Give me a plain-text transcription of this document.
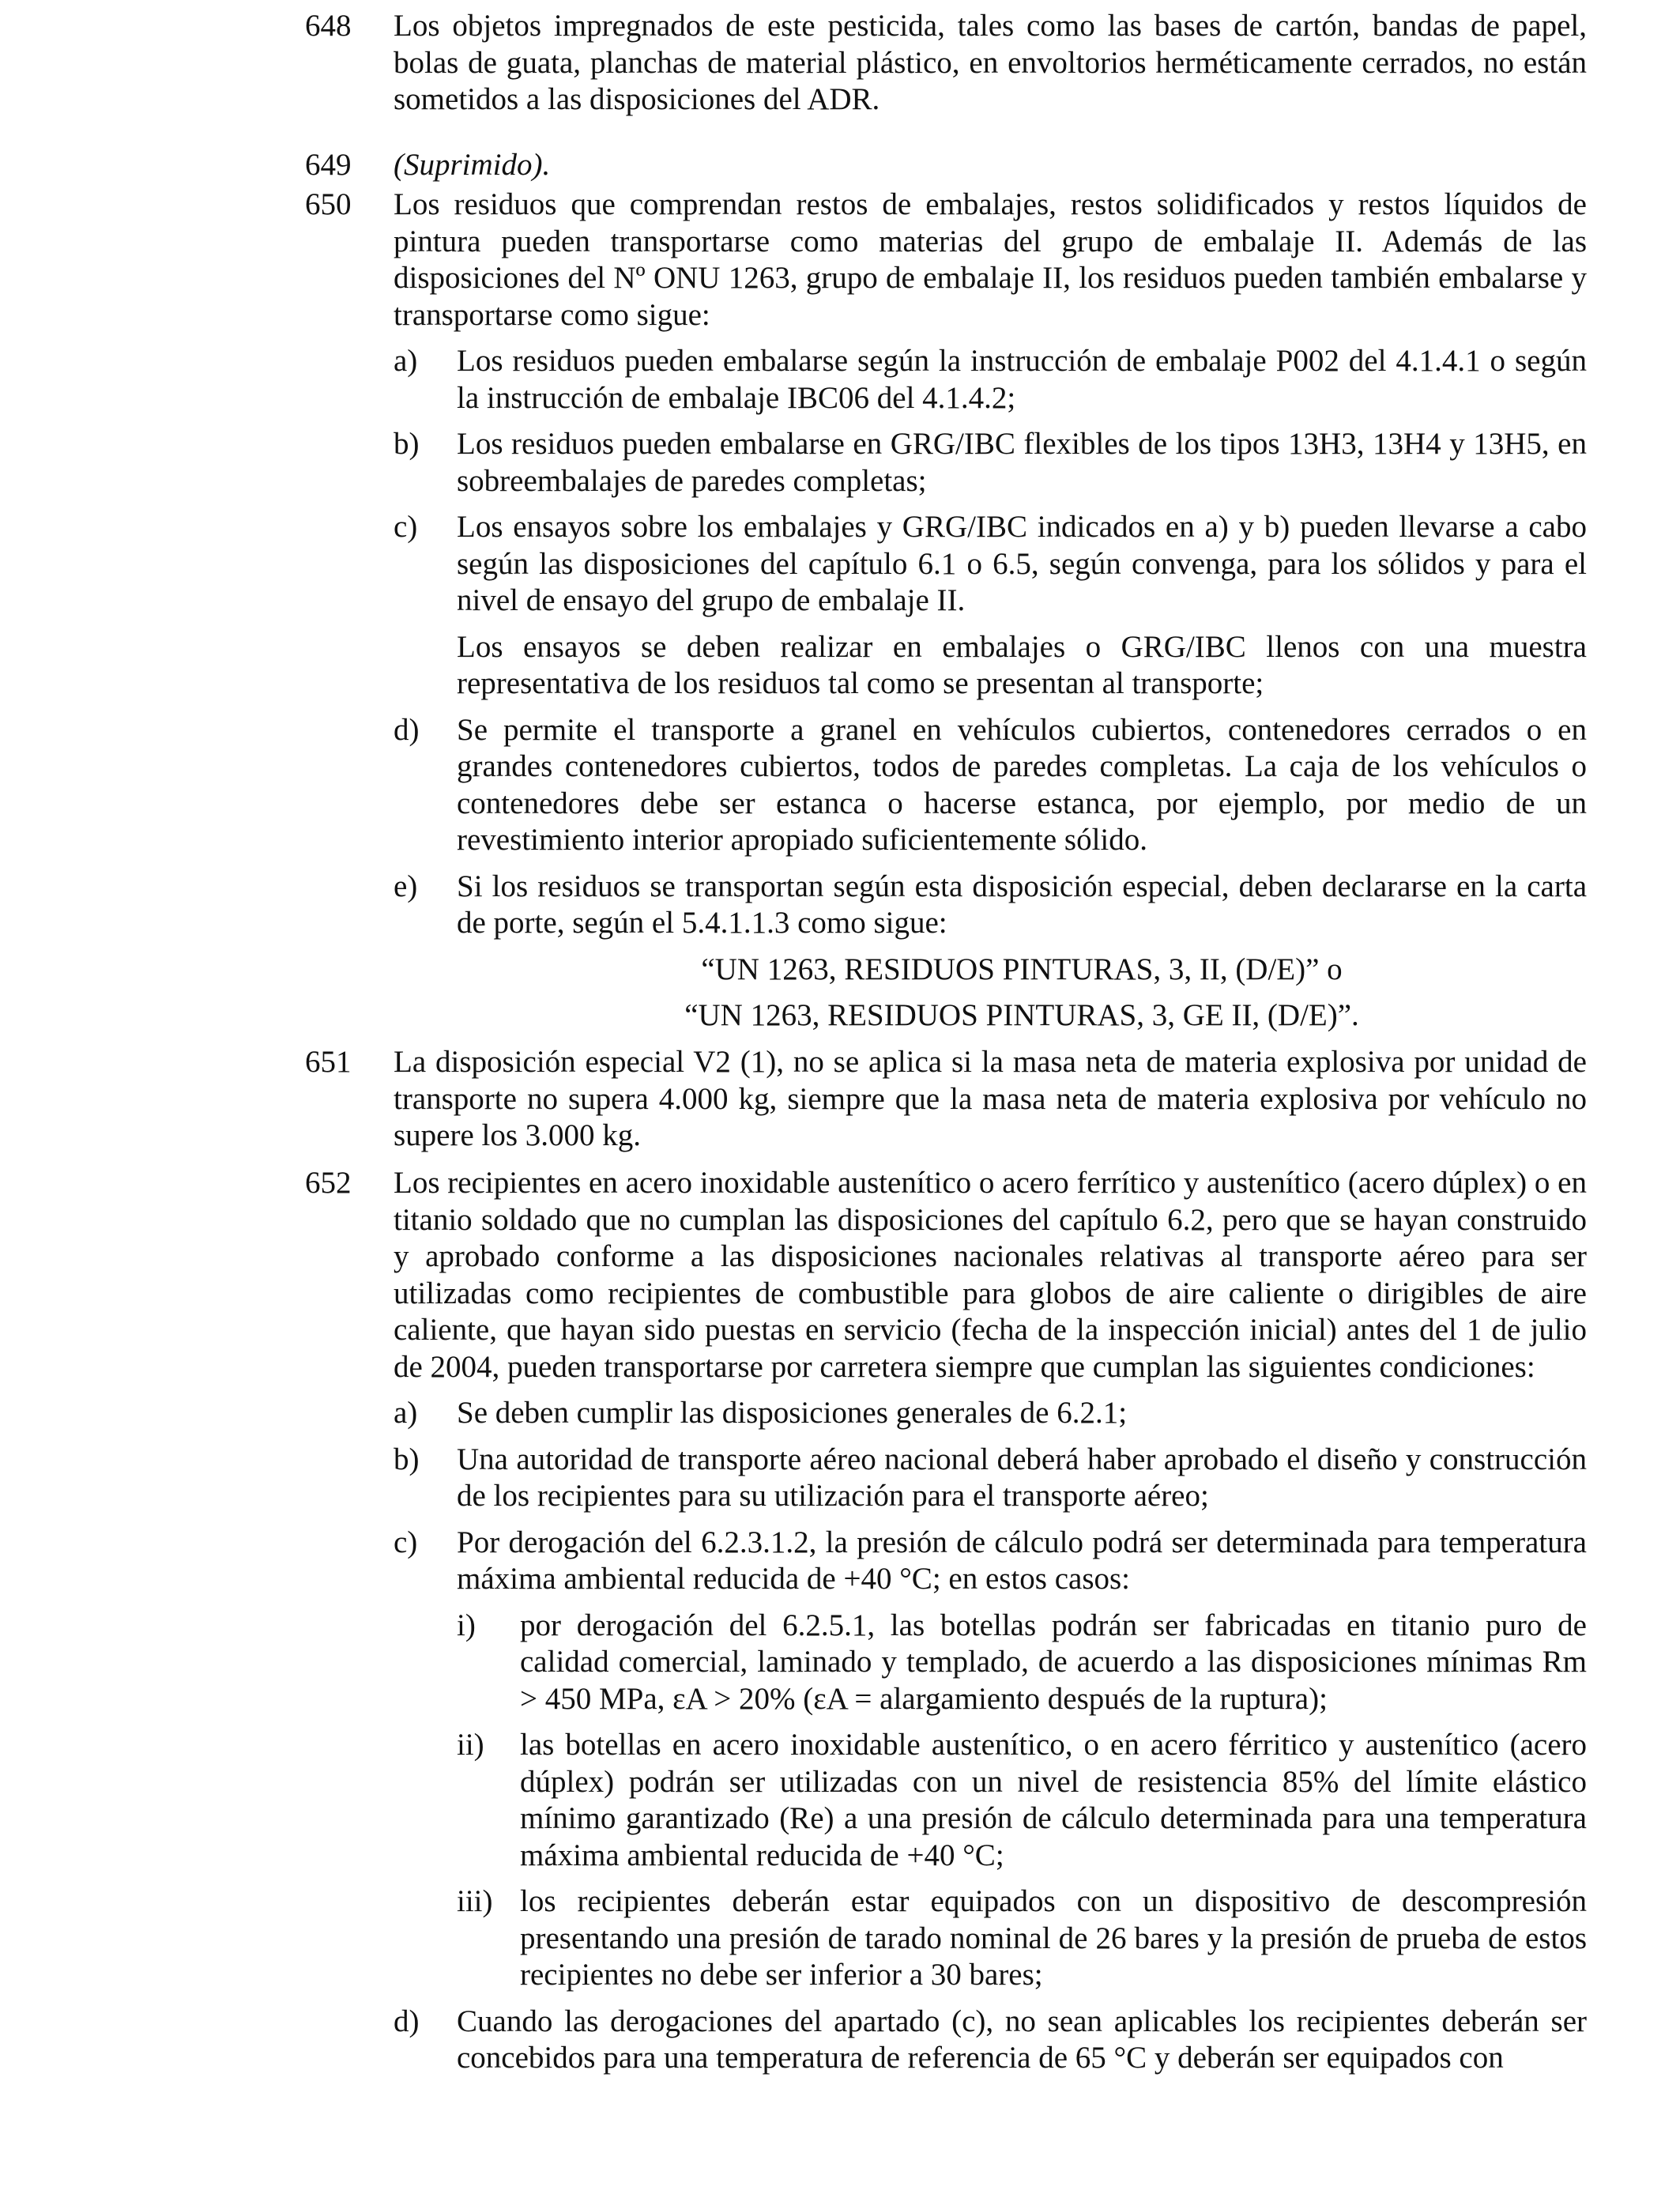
648 Los objetos impregnados de este pesticida, tales como las bases de cartón, bandas de papel, bolas de guata, planchas de material plástico, en envoltorios herméticamente cerrados, no están sometidos a las disposiciones del ADR.

649 (Suprimido).

650 Los residuos que comprendan restos de embalajes, restos solidificados y restos líquidos de pintura pueden transportarse como materias del grupo de embalaje II. Además de las disposiciones del Nº ONU 1263, grupo de embalaje II, los residuos pueden también embalarse y transportarse como sigue:

a) Los residuos pueden embalarse según la instrucción de embalaje P002 del 4.1.4.1 o según la instrucción de embalaje IBC06 del 4.1.4.2;

b) Los residuos pueden embalarse en GRG/IBC flexibles de los tipos 13H3, 13H4 y 13H5, en sobreembalajes de paredes completas;

c) Los ensayos sobre los embalajes y GRG/IBC indicados en a) y b) pueden llevarse a cabo según las disposiciones del capítulo 6.1 o 6.5, según convenga, para los sólidos y para el nivel de ensayo del grupo de embalaje II.

Los ensayos se deben realizar en embalajes o GRG/IBC llenos con una muestra representativa de los residuos tal como se presentan al transporte;

d) Se permite el transporte a granel en vehículos cubiertos, contenedores cerrados o en grandes contenedores cubiertos, todos de paredes completas. La caja de los vehículos o contenedores debe ser estanca o hacerse estanca, por ejemplo, por medio de un revestimiento interior apropiado suficientemente sólido.

e) Si los residuos se transportan según esta disposición especial, deben declararse en la carta de porte, según el 5.4.1.1.3 como sigue:

“UN 1263, RESIDUOS PINTURAS, 3, II, (D/E)” o

“UN 1263, RESIDUOS PINTURAS, 3, GE II, (D/E)”.

651 La disposición especial V2 (1), no se aplica si la masa neta de materia explosiva por unidad de transporte no supera 4.000 kg, siempre que la masa neta de materia explosiva por vehículo no supere los 3.000 kg.

652 Los recipientes en acero inoxidable austenítico o acero ferrítico y austenítico (acero dúplex) o en titanio soldado que no cumplan las disposiciones del capítulo 6.2, pero que se hayan construido y aprobado conforme a las disposiciones nacionales relativas al transporte aéreo para ser utilizadas como recipientes de combustible para globos de aire caliente o dirigibles de aire caliente, que hayan sido puestas en servicio (fecha de la inspección inicial) antes del 1 de julio de 2004, pueden transportarse por carretera siempre que cumplan las siguientes condiciones:

a) Se deben cumplir las disposiciones generales de 6.2.1;

b) Una autoridad de transporte aéreo nacional deberá haber aprobado el diseño y construcción de los recipientes para su utilización para el transporte aéreo;

c) Por derogación del 6.2.3.1.2, la presión de cálculo podrá ser determinada para temperatura máxima ambiental reducida de +40 °C; en estos casos:

i) por derogación del 6.2.5.1, las botellas podrán ser fabricadas en titanio puro de calidad comercial, laminado y templado, de acuerdo a las disposiciones mínimas Rm > 450 MPa, εA > 20% (εA = alargamiento después de la ruptura);

ii) las botellas en acero inoxidable austenítico, o en acero férritico y austenítico (acero dúplex) podrán ser utilizadas con un nivel de resistencia 85% del límite elástico mínimo garantizado (Re) a una presión de cálculo determinada para una temperatura máxima ambiental reducida de +40 °C;

iii) los recipientes deberán estar equipados con un dispositivo de descompresión presentando una presión de tarado nominal de 26 bares y la presión de prueba de estos recipientes no debe ser inferior a 30 bares;

d) Cuando las derogaciones del apartado (c), no sean aplicables los recipientes deberán ser concebidos para una temperatura de referencia de 65 °C y deberán ser equipados con
